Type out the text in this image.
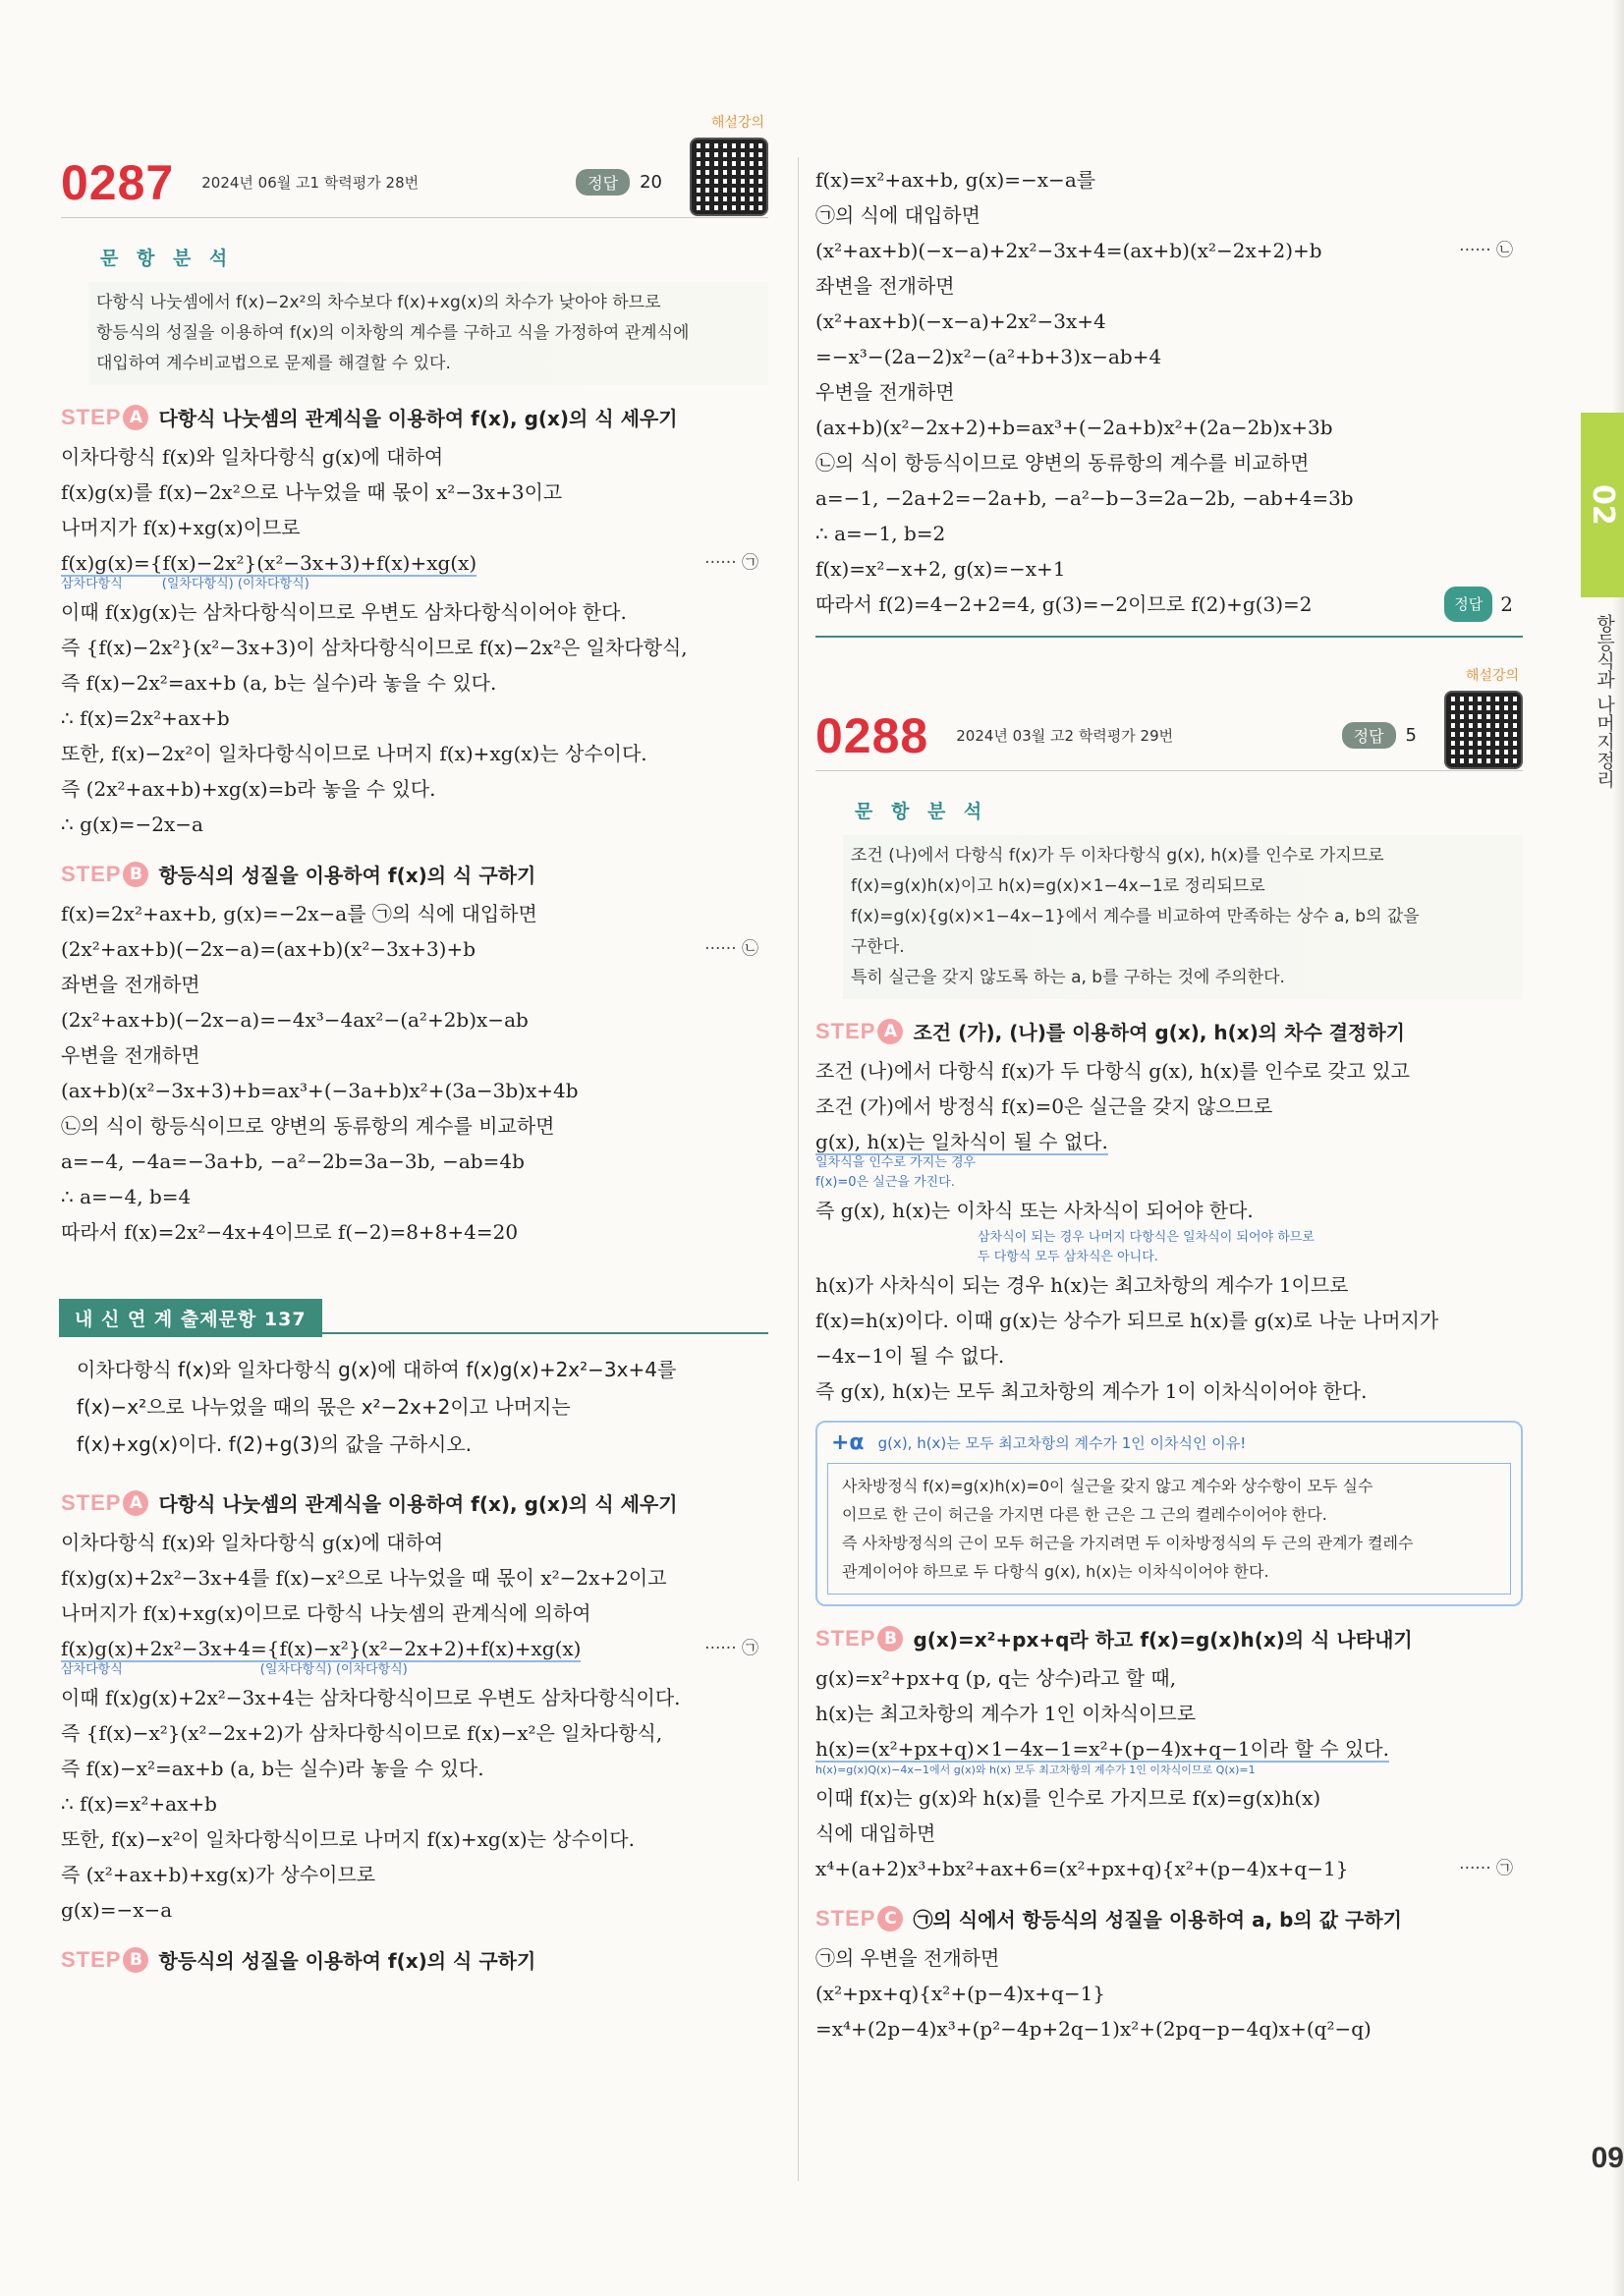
0287 2024년 06월 고1 학력평가 28번	정답	20
해설강의
문 항 분 석
다항식 나눗셈에서 f(x)−2x²의 차수보다 f(x)+xg(x)의 차수가 낮아야 하므로
항등식의 성질을 이용하여 f(x)의 이차항의 계수를 구하고 식을 가정하여 관계식에
대입하여 계수비교법으로 문제를 해결할 수 있다.
STEP A 다항식 나눗셈의 관계식을 이용하여 f(x), g(x)의 식 세우기
이차다항식 f(x)와 일차다항식 g(x)에 대하여
f(x)g(x)를 f(x)−2x²으로 나누었을 때 몫이 x²−3x+3이고
나머지가 f(x)+xg(x)이므로
f(x)g(x)={f(x)−2x²}(x²−3x+3)+f(x)+xg(x)	······ ㉠
삼차다항식	(일차다항식) (이차다항식)
이때 f(x)g(x)는 삼차다항식이므로 우변도 삼차다항식이어야 한다.
즉 {f(x)−2x²}(x²−3x+3)이 삼차다항식이므로 f(x)−2x²은 일차다항식,
즉 f(x)−2x²=ax+b (a, b는 실수)라 놓을 수 있다.
∴ f(x)=2x²+ax+b
또한, f(x)−2x²이 일차다항식이므로 나머지 f(x)+xg(x)는 상수이다.
즉 (2x²+ax+b)+xg(x)=b라 놓을 수 있다.
∴ g(x)=−2x−a
STEP B 항등식의 성질을 이용하여 f(x)의 식 구하기
f(x)=2x²+ax+b, g(x)=−2x−a를 ㉠의 식에 대입하면
(2x²+ax+b)(−2x−a)=(ax+b)(x²−3x+3)+b	······ ㉡
좌변을 전개하면
(2x²+ax+b)(−2x−a)=−4x³−4ax²−(a²+2b)x−ab
우변을 전개하면
(ax+b)(x²−3x+3)+b=ax³+(−3a+b)x²+(3a−3b)x+4b
㉡의 식이 항등식이므로 양변의 동류항의 계수를 비교하면
a=−4, −4a=−3a+b, −a²−2b=3a−3b, −ab=4b
∴ a=−4, b=4
따라서 f(x)=2x²−4x+4이므로 f(−2)=8+8+4=20
내 신 연 계 출제문항 137
이차다항식 f(x)와 일차다항식 g(x)에 대하여 f(x)g(x)+2x²−3x+4를
f(x)−x²으로 나누었을 때의 몫은 x²−2x+2이고 나머지는
f(x)+xg(x)이다. f(2)+g(3)의 값을 구하시오.
STEP A 다항식 나눗셈의 관계식을 이용하여 f(x), g(x)의 식 세우기
이차다항식 f(x)와 일차다항식 g(x)에 대하여
f(x)g(x)+2x²−3x+4를 f(x)−x²으로 나누었을 때 몫이 x²−2x+2이고
나머지가 f(x)+xg(x)이므로 다항식 나눗셈의 관계식에 의하여
f(x)g(x)+2x²−3x+4={f(x)−x²}(x²−2x+2)+f(x)+xg(x)	······ ㉠
삼차다항식	(일차다항식) (이차다항식)
이때 f(x)g(x)+2x²−3x+4는 삼차다항식이므로 우변도 삼차다항식이다.
즉 {f(x)−x²}(x²−2x+2)가 삼차다항식이므로 f(x)−x²은 일차다항식,
즉 f(x)−x²=ax+b (a, b는 실수)라 놓을 수 있다.
∴ f(x)=x²+ax+b
또한, f(x)−x²이 일차다항식이므로 나머지 f(x)+xg(x)는 상수이다.
즉 (x²+ax+b)+xg(x)가 상수이므로
g(x)=−x−a
STEP B 항등식의 성질을 이용하여 f(x)의 식 구하기
f(x)=x²+ax+b, g(x)=−x−a를
㉠의 식에 대입하면
(x²+ax+b)(−x−a)+2x²−3x+4=(ax+b)(x²−2x+2)+b	······ ㉡
좌변을 전개하면
(x²+ax+b)(−x−a)+2x²−3x+4
=−x³−(2a−2)x²−(a²+b+3)x−ab+4
우변을 전개하면
(ax+b)(x²−2x+2)+b=ax³+(−2a+b)x²+(2a−2b)x+3b
㉡의 식이 항등식이므로 양변의 동류항의 계수를 비교하면
a=−1, −2a+2=−2a+b, −a²−b−3=2a−2b, −ab+4=3b
∴ a=−1, b=2
f(x)=x²−x+2, g(x)=−x+1
따라서 f(2)=4−2+2=4, g(3)=−2이므로 f(2)+g(3)=2	정답 2
0288 2024년 03월 고2 학력평가 29번	정답	5
해설강의
문 항 분 석
조건 (나)에서 다항식 f(x)가 두 이차다항식 g(x), h(x)를 인수로 가지므로
f(x)=g(x)h(x)이고 h(x)=g(x)×1−4x−1로 정리되므로
f(x)=g(x){g(x)×1−4x−1}에서 계수를 비교하여 만족하는 상수 a, b의 값을
구한다.
특히 실근을 갖지 않도록 하는 a, b를 구하는 것에 주의한다.
STEP A 조건 (가), (나)를 이용하여 g(x), h(x)의 차수 결정하기
조건 (나)에서 다항식 f(x)가 두 다항식 g(x), h(x)를 인수로 갖고 있고
조건 (가)에서 방정식 f(x)=0은 실근을 갖지 않으므로
g(x), h(x)는 일차식이 될 수 없다.
일차식을 인수로 가지는 경우
f(x)=0은 실근을 가진다.
즉 g(x), h(x)는 이차식 또는 사차식이 되어야 한다.
삼차식이 되는 경우 나머지 다항식은 일차식이 되어야 하므로
두 다항식 모두 삼차식은 아니다.
h(x)가 사차식이 되는 경우 h(x)는 최고차항의 계수가 1이므로
f(x)=h(x)이다. 이때 g(x)는 상수가 되므로 h(x)를 g(x)로 나눈 나머지가
−4x−1이 될 수 없다.
즉 g(x), h(x)는 모두 최고차항의 계수가 1이 이차식이어야 한다.
+α g(x), h(x)는 모두 최고차항의 계수가 1인 이차식인 이유!
사차방정식 f(x)=g(x)h(x)=0이 실근을 갖지 않고 계수와 상수항이 모두 실수
이므로 한 근이 허근을 가지면 다른 한 근은 그 근의 켤레수이어야 한다.
즉 사차방정식의 근이 모두 허근을 가지려면 두 이차방정식의 두 근의 관계가 켤레수
관계이어야 하므로 두 다항식 g(x), h(x)는 이차식이어야 한다.
STEP B g(x)=x²+px+q라 하고 f(x)=g(x)h(x)의 식 나타내기
g(x)=x²+px+q (p, q는 상수)라고 할 때,
h(x)는 최고차항의 계수가 1인 이차식이므로
h(x)=(x²+px+q)×1−4x−1=x²+(p−4)x+q−1이라 할 수 있다.
h(x)=g(x)Q(x)−4x−1에서 g(x)와 h(x) 모두 최고차항의 계수가 1인 이차식이므로 Q(x)=1
이때 f(x)는 g(x)와 h(x)를 인수로 가지므로 f(x)=g(x)h(x)
식에 대입하면
x⁴+(a+2)x³+bx²+ax+6=(x²+px+q){x²+(p−4)x+q−1}	······ ㉠
STEP C ㉠의 식에서 항등식의 성질을 이용하여 a, b의 값 구하기
㉠의 우변을 전개하면
(x²+px+q){x²+(p−4)x+q−1}
=x⁴+(2p−4)x³+(p²−4p+2q−1)x²+(2pq−p−4q)x+(q²−q)
02
항등식과 나머지정리
09
